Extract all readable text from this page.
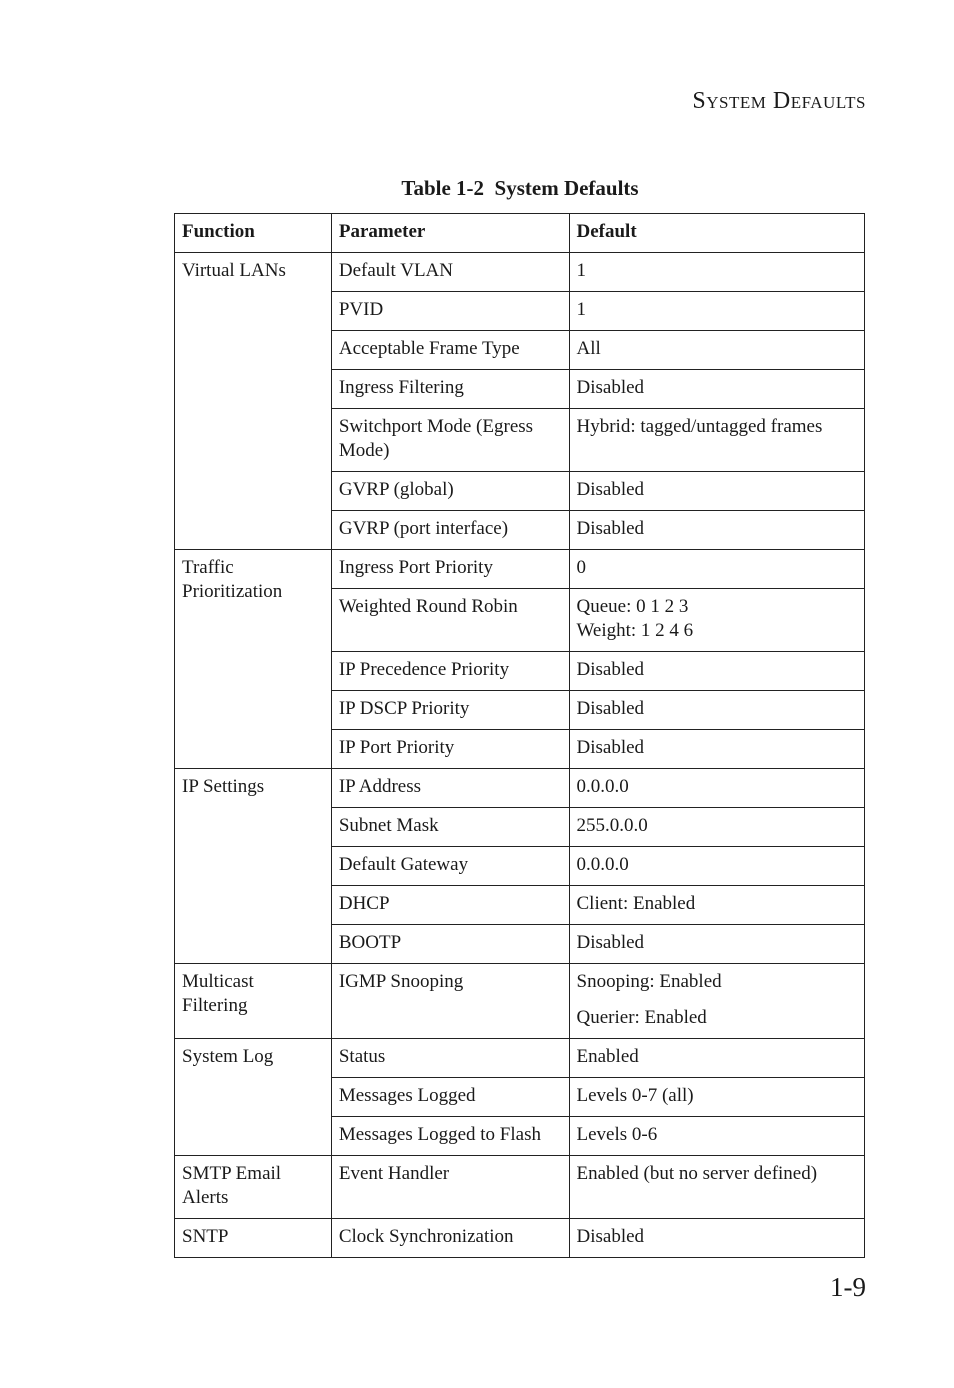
System Defaults
Table 1-2  System Defaults
Function	Parameter	Default
Virtual LANs	Default VLAN	1
	PVID	1
	Acceptable Frame Type	All
	Ingress Filtering	Disabled
	Switchport Mode (Egress Mode)	Hybrid: tagged/untagged frames
	GVRP (global)	Disabled
	GVRP (port interface)	Disabled
Traffic Prioritization	Ingress Port Priority	0
	Weighted Round Robin	Queue: 0 1 2 3
Weight: 1 2 4 6

	IP Precedence Priority	Disabled
	IP DSCP Priority	Disabled
	IP Port Priority	Disabled
IP Settings	IP Address	0.0.0.0
	Subnet Mask	255.0.0.0
	Default Gateway	0.0.0.0
	DHCP	Client: Enabled
	BOOTP	Disabled
Multicast Filtering	IGMP Snooping	Snooping: Enabled
Querier: Enabled

System Log	Status	Enabled
	Messages Logged	Levels 0-7 (all)
	Messages Logged to Flash	Levels 0-6
SMTP Email Alerts	Event Handler	Enabled (but no server defined)
SNTP	Clock Synchronization	Disabled
1-9
